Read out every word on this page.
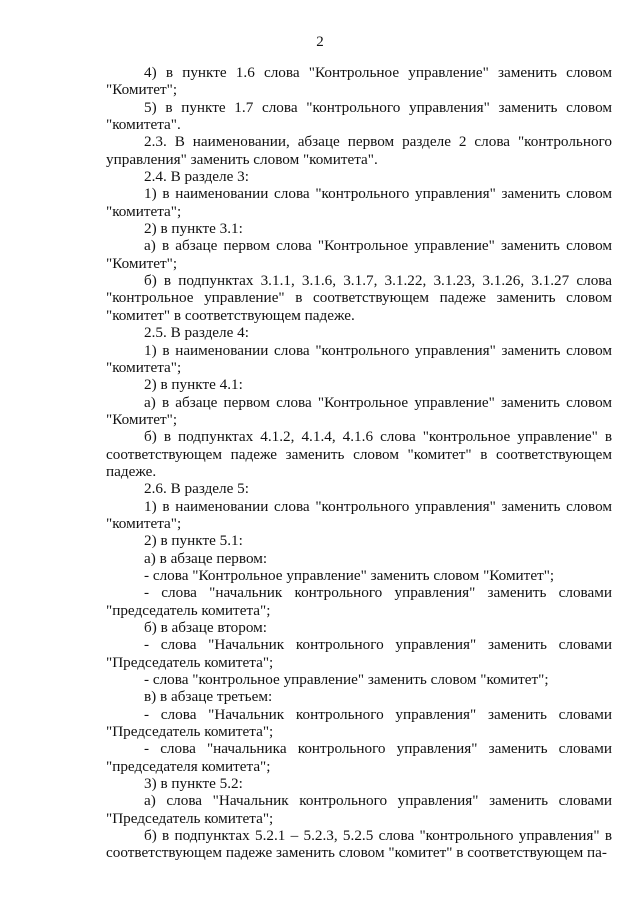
2

4) в пункте 1.6 слова "Контрольное управление" заменить словом "Комитет";

5) в пункте 1.7 слова "контрольного управления" заменить словом "комитета".

2.3. В наименовании, абзаце первом разделе 2 слова "контрольного управления" заменить словом "комитета".

2.4. В разделе 3:

1) в наименовании слова "контрольного управления" заменить словом "комитета";

2) в пункте 3.1:

а) в абзаце первом слова "Контрольное управление" заменить словом "Комитет";

б) в подпунктах 3.1.1, 3.1.6, 3.1.7, 3.1.22, 3.1.23, 3.1.26, 3.1.27 слова "контрольное управление" в соответствующем падеже заменить словом "комитет" в соответствующем падеже.

2.5. В разделе 4:

1) в наименовании слова "контрольного управления" заменить словом "комитета";

2) в пункте 4.1:

а) в абзаце первом слова "Контрольное управление" заменить словом "Комитет";

б) в подпунктах 4.1.2, 4.1.4, 4.1.6 слова "контрольное управление" в соответствующем падеже заменить словом "комитет" в соответствующем падеже.

2.6. В разделе 5:

1) в наименовании слова "контрольного управления" заменить словом "комитета";

2) в пункте 5.1:

а) в абзаце первом:

- слова "Контрольное управление" заменить словом "Комитет";

- слова "начальник контрольного управления" заменить словами "председатель комитета";

б) в абзаце втором:

- слова "Начальник контрольного управления" заменить словами "Председатель комитета";

- слова "контрольное управление" заменить словом "комитет";

в) в абзаце третьем:

- слова "Начальник контрольного управления" заменить словами "Председатель комитета";

- слова "начальника контрольного управления" заменить словами "председателя комитета";

3) в пункте 5.2:

а) слова "Начальник контрольного управления" заменить словами "Председатель комитета";

б) в подпунктах 5.2.1 – 5.2.3, 5.2.5 слова "контрольного управления" в соответствующем падеже заменить словом "комитет" в соответствующем па-
